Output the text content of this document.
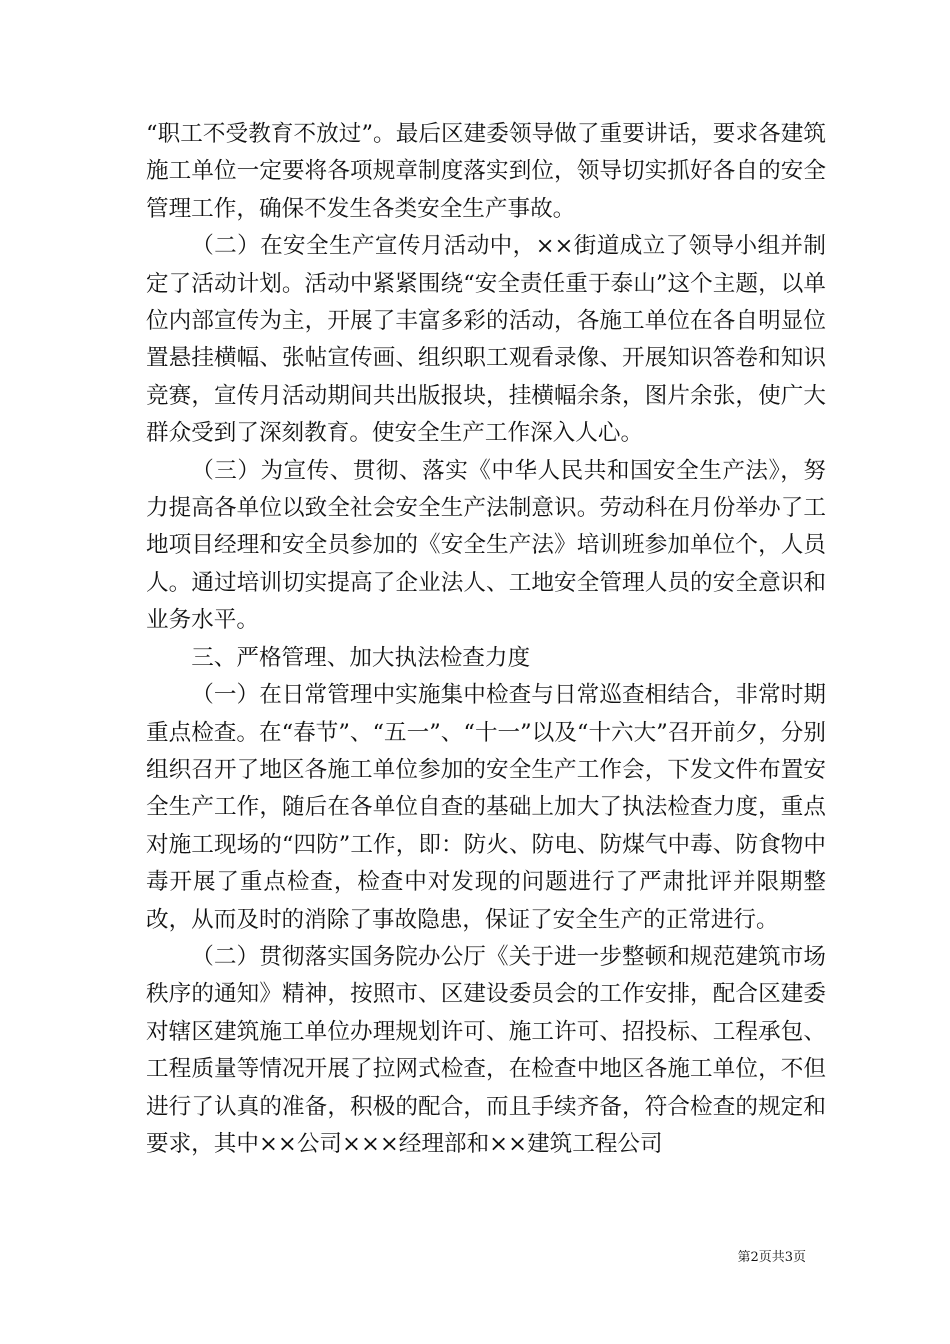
“职工不受教育不放过”。最后区建委领导做了重要讲话，要求各建筑施工单位一定要将各项规章制度落实到位，领导切实抓好各自的安全管理工作，确保不发生各类安全生产事故。

（二）在安全生产宣传月活动中，××街道成立了领导小组并制定了活动计划。活动中紧紧围绕“安全责任重于泰山”这个主题，以单位内部宣传为主，开展了丰富多彩的活动，各施工单位在各自明显位置悬挂横幅、张帖宣传画、组织职工观看录像、开展知识答卷和知识竞赛，宣传月活动期间共出版报块，挂横幅余条，图片余张，使广大群众受到了深刻教育。使安全生产工作深入人心。

（三）为宣传、贯彻、落实《中华人民共和国安全生产法》，努力提高各单位以致全社会安全生产法制意识。劳动科在月份举办了工地项目经理和安全员参加的《安全生产法》培训班参加单位个，人员人。通过培训切实提高了企业法人、工地安全管理人员的安全意识和业务水平。

三、严格管理、加大执法检查力度

（一）在日常管理中实施集中检查与日常巡查相结合，非常时期重点检查。在“春节”、“五一”、“十一”以及“十六大”召开前夕，分别组织召开了地区各施工单位参加的安全生产工作会，下发文件布置安全生产工作，随后在各单位自查的基础上加大了执法检查力度，重点对施工现场的“四防”工作，即：防火、防电、防煤气中毒、防食物中毒开展了重点检查，检查中对发现的问题进行了严肃批评并限期整改，从而及时的消除了事故隐患，保证了安全生产的正常进行。

（二）贯彻落实国务院办公厅《关于进一步整顿和规范建筑市场秩序的通知》精神，按照市、区建设委员会的工作安排，配合区建委对辖区建筑施工单位办理规划许可、施工许可、招投标、工程承包、工程质量等情况开展了拉网式检查，在检查中地区各施工单位，不但进行了认真的准备，积极的配合，而且手续齐备，符合检查的规定和要求，其中××公司×××经理部和××建筑工程公司

第2页共3页
